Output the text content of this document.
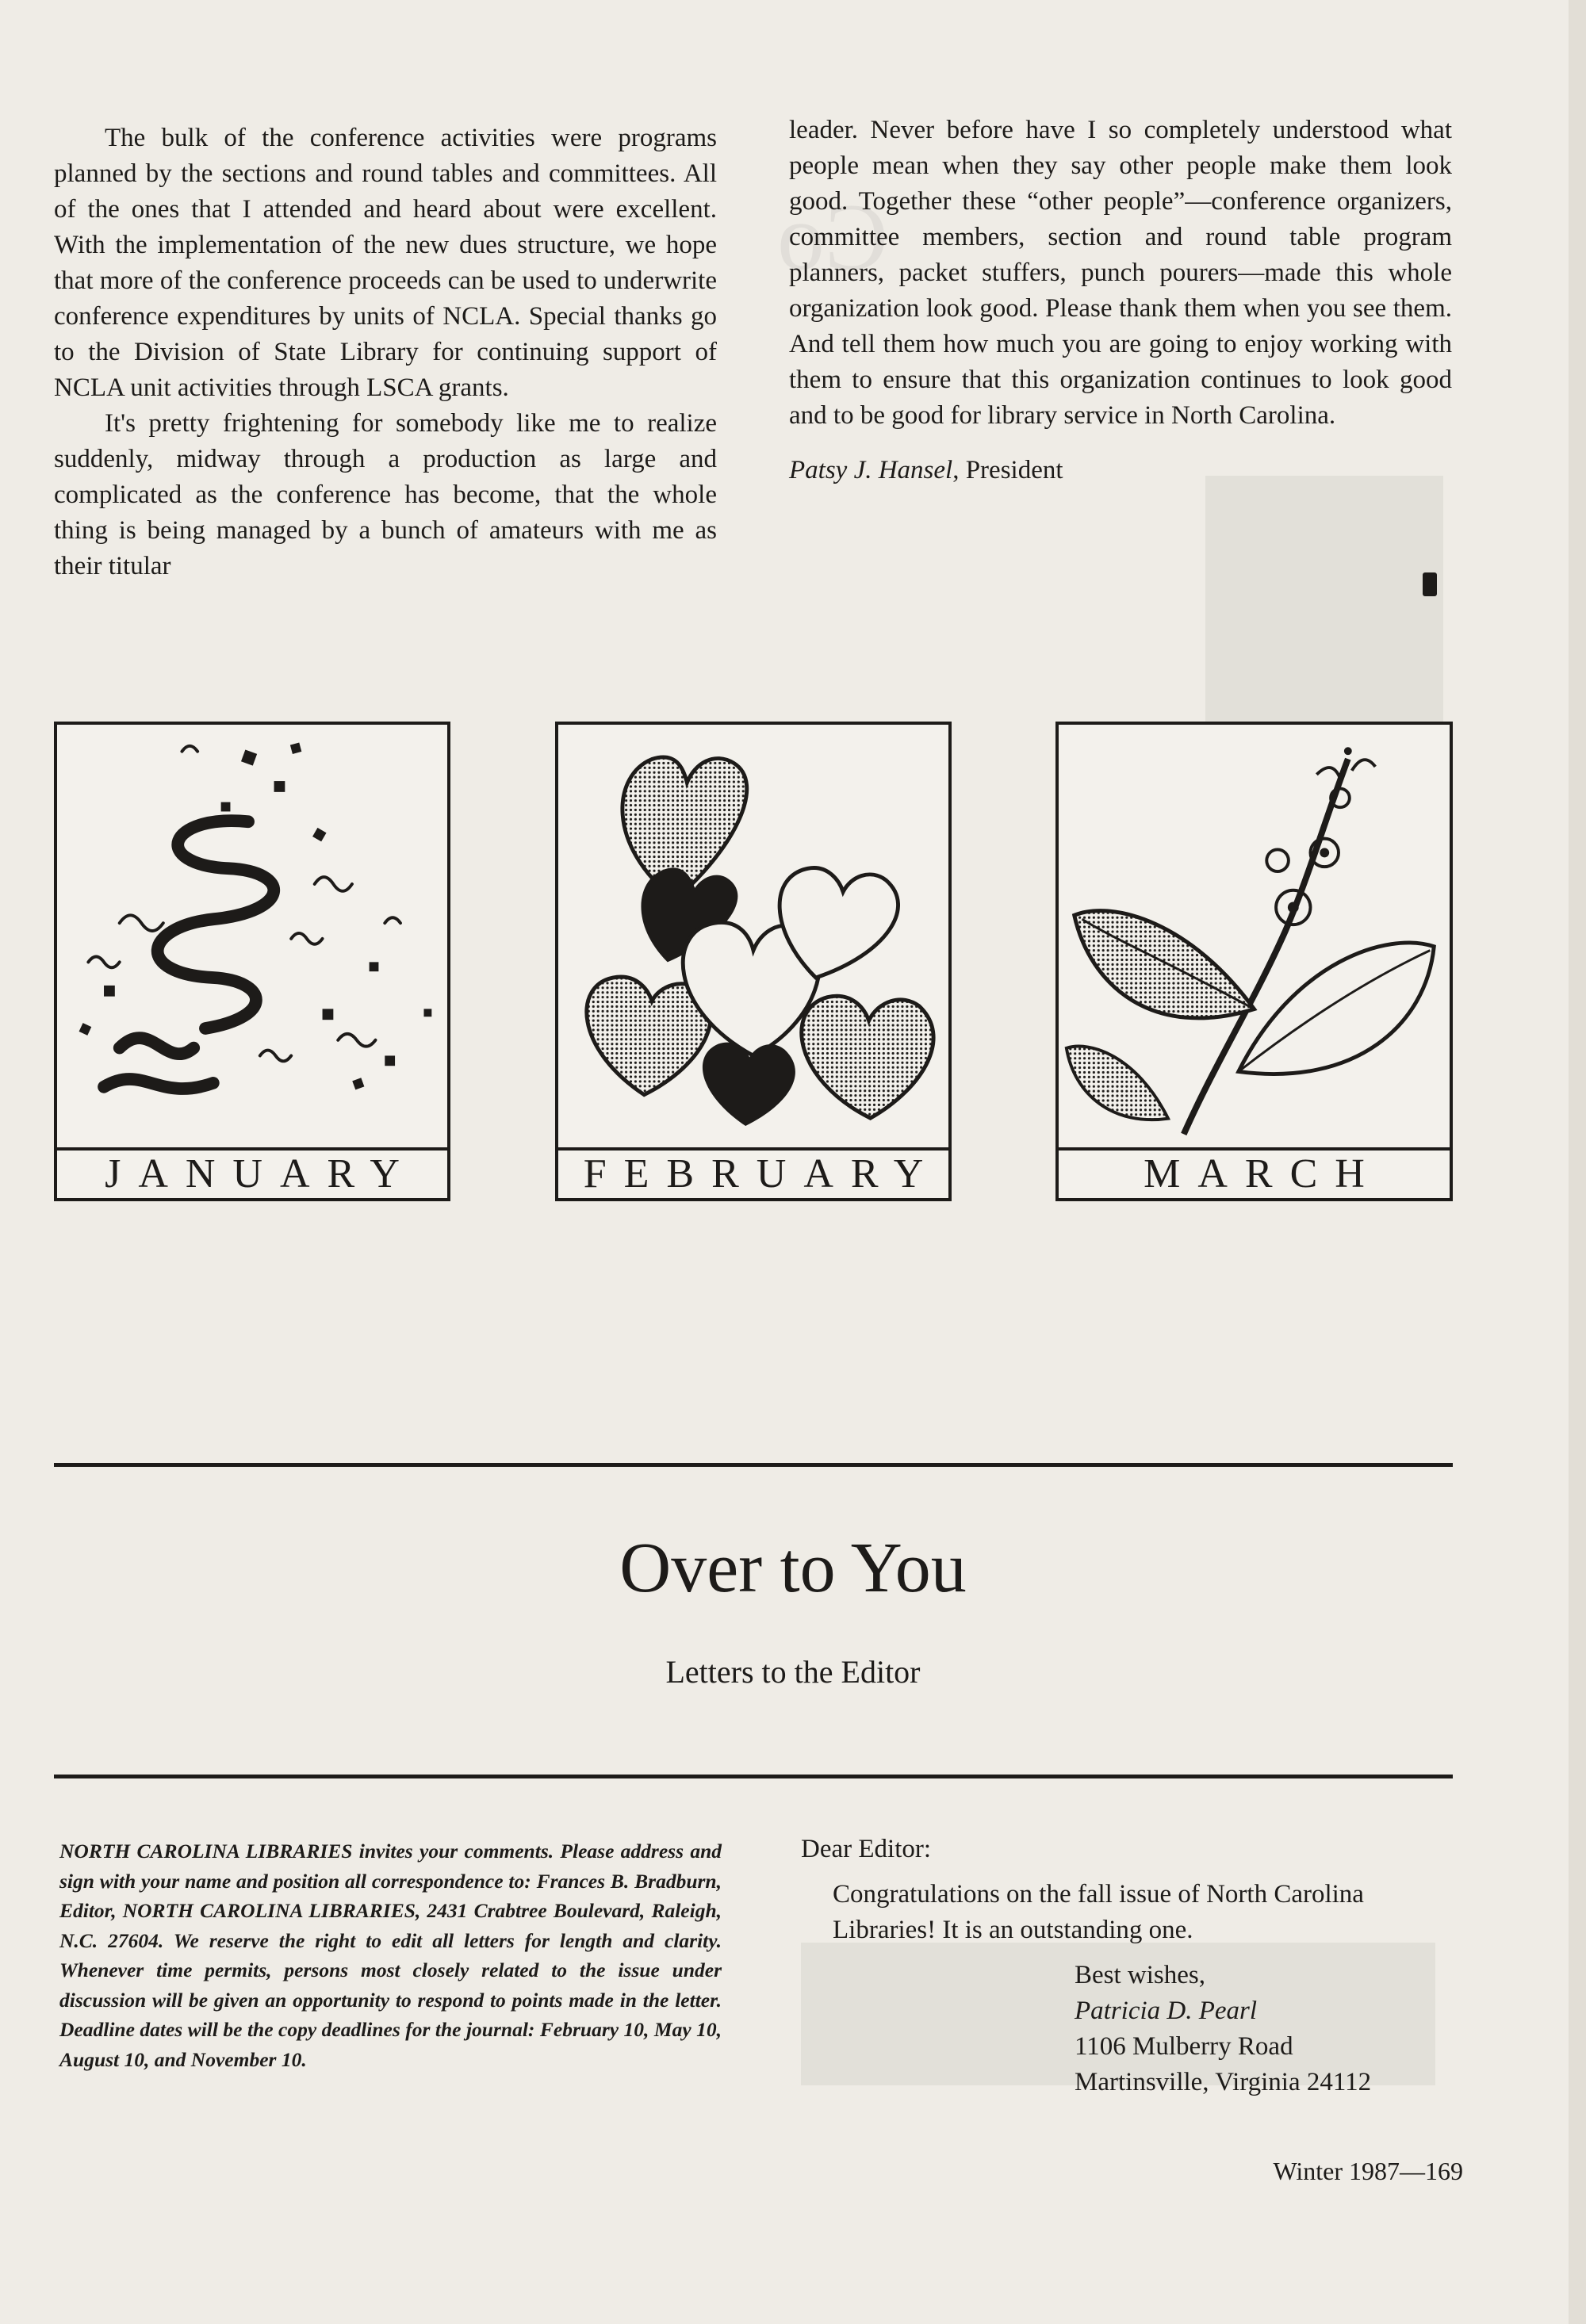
Co

The bulk of the conference activities were programs planned by the sections and round tables and committees. All of the ones that I attended and heard about were excellent. With the implementation of the new dues structure, we hope that more of the conference proceeds can be used to underwrite conference expenditures by units of NCLA. Special thanks go to the Division of State Library for continuing support of NCLA unit activities through LSCA grants.

It's pretty frightening for somebody like me to realize suddenly, midway through a production as large and complicated as the conference has become, that the whole thing is being managed by a bunch of amateurs with me as their titular

leader. Never before have I so completely understood what people mean when they say other people make them look good. Together these “other people”—conference organizers, committee members, section and round table program planners, packet stuffers, punch pourers—made this whole organization look good. Please thank them when you see them. And tell them how much you are going to enjoy working with them to ensure that this organization continues to look good and to be good for library service in North Carolina.

Patsy J. Hansel, President

JANUARY	FEBRUARY	MARCH
Over to You
Letters to the Editor
NORTH CAROLINA LIBRARIES invites your comments. Please address and sign with your name and position all correspondence to: Frances B. Bradburn, Editor, NORTH CAROLINA LIBRARIES, 2431 Crabtree Boulevard, Raleigh, N.C. 27604. We reserve the right to edit all letters for length and clarity. Whenever time permits, persons most closely related to the issue under discussion will be given an opportunity to respond to points made in the letter. Deadline dates will be the copy deadlines for the journal: February 10, May 10, August 10, and November 10.
Dear Editor:
Congratulations on the fall issue of North Carolina Libraries! It is an outstanding one.
Best wishes,
Patricia D. Pearl
1106 Mulberry Road
Martinsville, Virginia 24112
Winter 1987—169
